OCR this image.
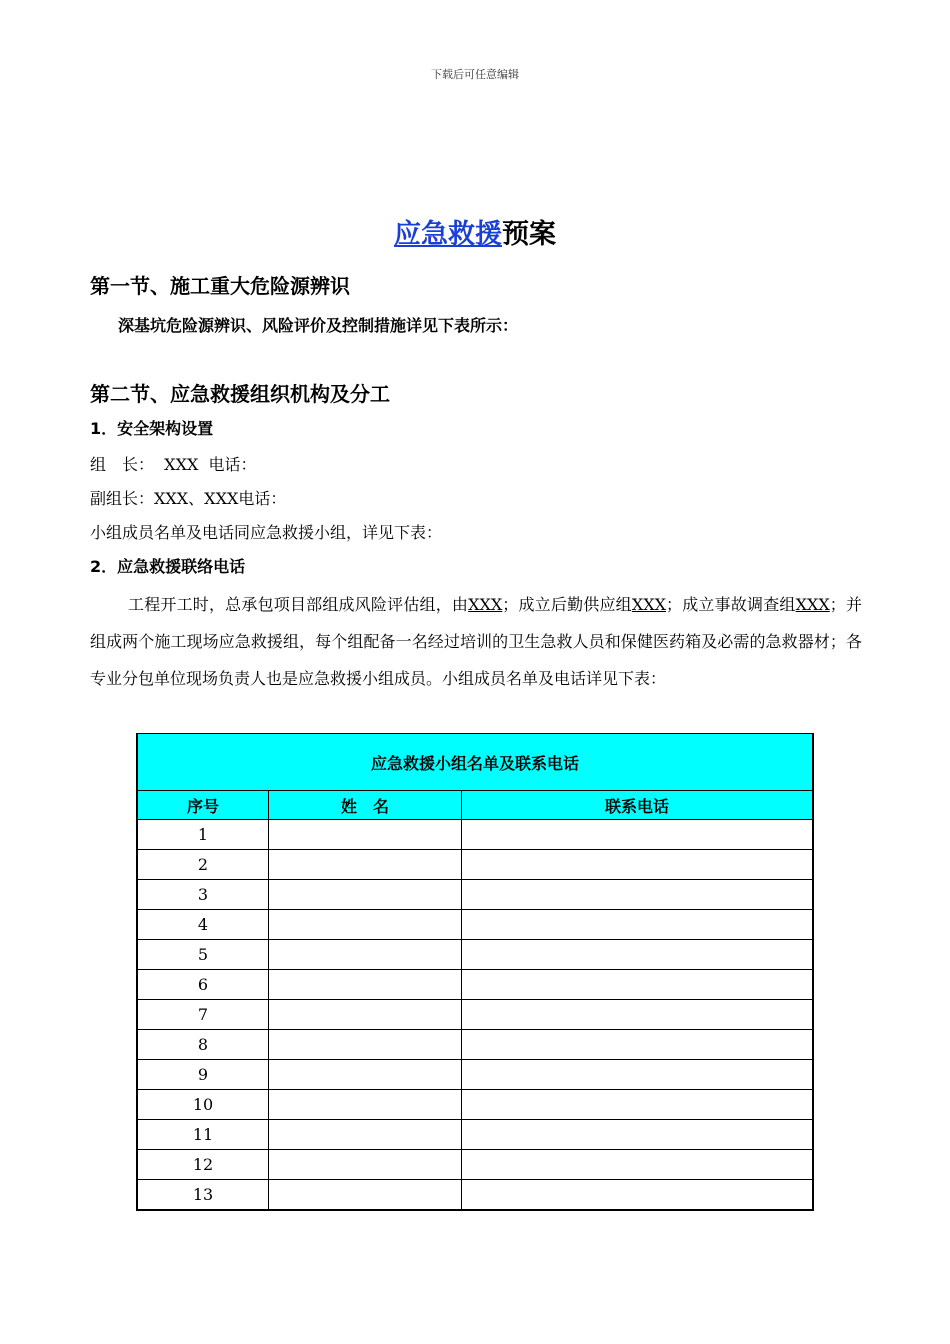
下载后可任意编辑
应急救援预案
第一节、施工重大危险源辨识
深基坑危险源辨识、风险评价及控制措施详见下表所示：
第二节、应急救援组织机构及分工
1．安全架构设置
组　长：  XXX  电话：
副组长：XXX、XXX电话：
小组成员名单及电话同应急救援小组，详见下表：
2．应急救援联络电话
工程开工时，总承包项目部组成风险评估组，由XXX；成立后勤供应组XXX；成立事故调查组XXX；并组成两个施工现场应急救援组，每个组配备一名经过培训的卫生急救人员和保健医药箱及必需的急救器材；各专业分包单位现场负责人也是应急救援小组成员。小组成员名单及电话详见下表：
应急救援小组名单及联系电话		
序号	姓　名	联系电话
1		
2		
3		
4		
5		
6		
7		
8		
9		
10		
11		
12		
13		
